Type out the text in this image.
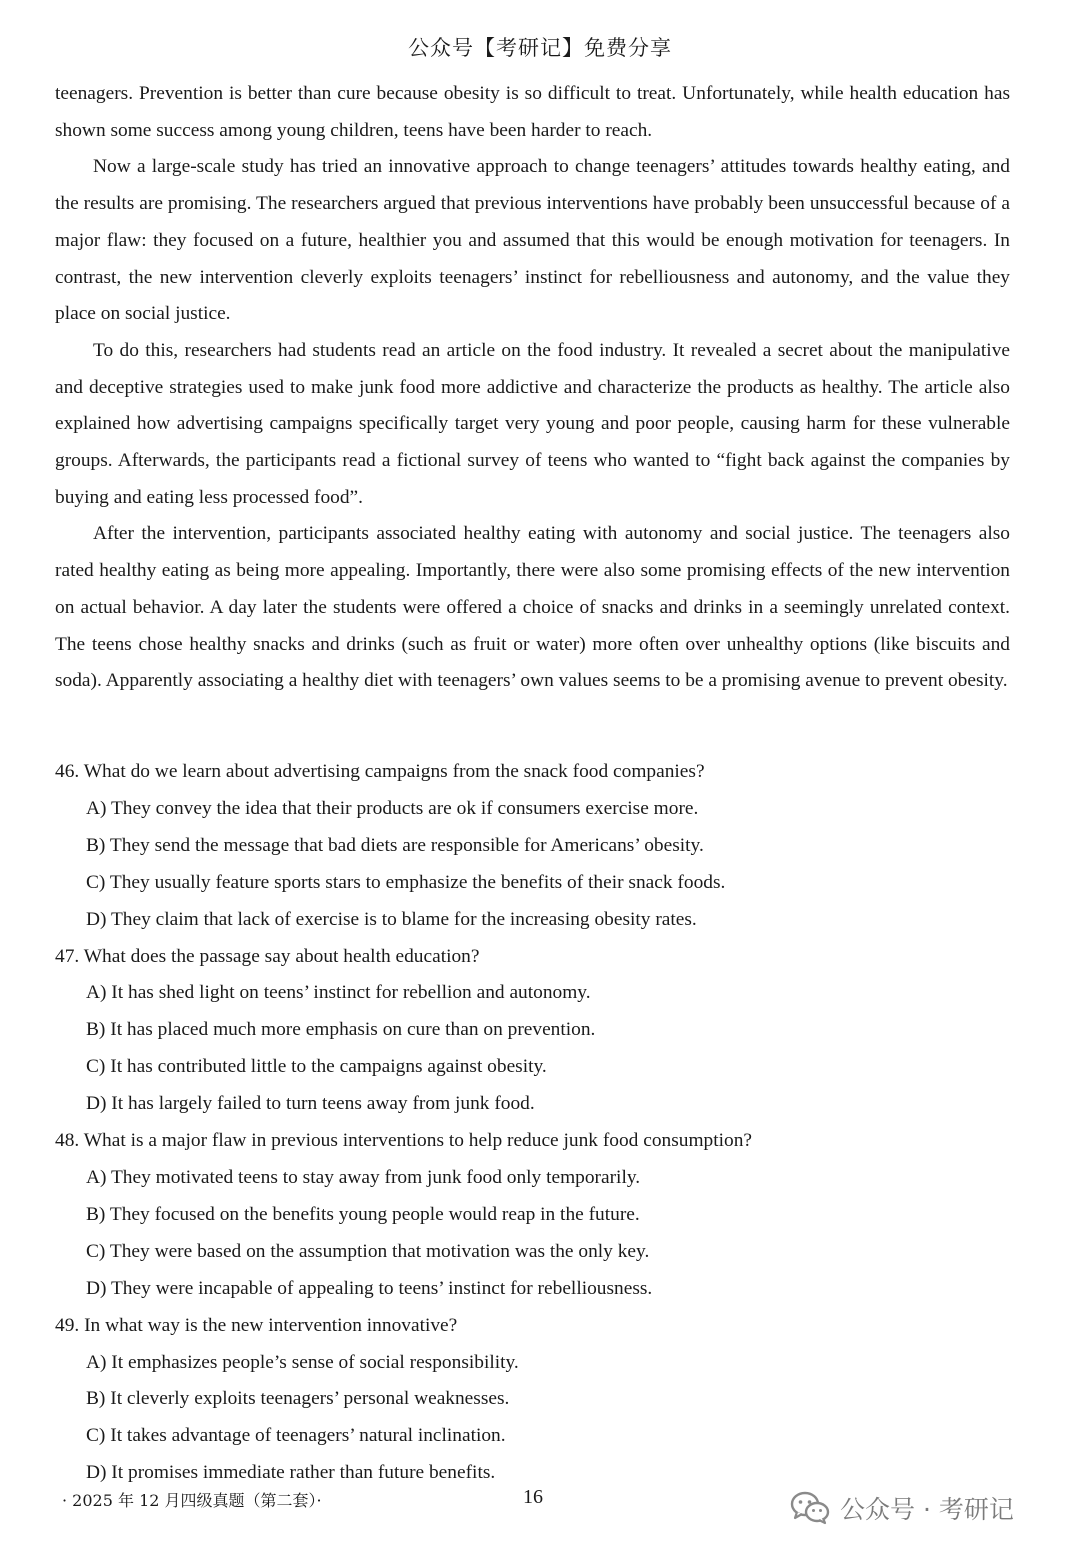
公众号【考研记】免费分享

teenagers. Prevention is better than cure because obesity is so difficult to treat. Unfortunately, while health education has shown some success among young children, teens have been harder to reach.

Now a large-scale study has tried an innovative approach to change teenagers’ attitudes towards healthy eating, and the results are promising. The researchers argued that previous interventions have probably been unsuccessful because of a major flaw: they focused on a future, healthier you and assumed that this would be enough motivation for teenagers. In contrast, the new intervention cleverly exploits teenagers’ instinct for rebelliousness and autonomy, and the value they place on social justice.

To do this, researchers had students read an article on the food industry. It revealed a secret about the manipulative and deceptive strategies used to make junk food more addictive and characterize the products as healthy. The article also explained how advertising campaigns specifically target very young and poor people, causing harm for these vulnerable groups. Afterwards, the participants read a fictional survey of teens who wanted to “fight back against the companies by buying and eating less processed food”.

After the intervention, participants associated healthy eating with autonomy and social justice. The teenagers also rated healthy eating as being more appealing. Importantly, there were also some promising effects of the new intervention on actual behavior. A day later the students were offered a choice of snacks and drinks in a seemingly unrelated context. The teens chose healthy snacks and drinks (such as fruit or water) more often over unhealthy options (like biscuits and soda). Apparently associating a healthy diet with teenagers’ own values seems to be a promising avenue to prevent obesity.

46. What do we learn about advertising campaigns from the snack food companies?

A) They convey the idea that their products are ok if consumers exercise more.

B) They send the message that bad diets are responsible for Americans’ obesity.

C) They usually feature sports stars to emphasize the benefits of their snack foods.

D) They claim that lack of exercise is to blame for the increasing obesity rates.

47. What does the passage say about health education?

A) It has shed light on teens’ instinct for rebellion and autonomy.

B) It has placed much more emphasis on cure than on prevention.

C) It has contributed little to the campaigns against obesity.

D) It has largely failed to turn teens away from junk food.

48. What is a major flaw in previous interventions to help reduce junk food consumption?

A) They motivated teens to stay away from junk food only temporarily.

B) They focused on the benefits young people would reap in the future.

C) They were based on the assumption that motivation was the only key.

D) They were incapable of appealing to teens’ instinct for rebelliousness.

49. In what way is the new intervention innovative?

A) It emphasizes people’s sense of social responsibility.

B) It cleverly exploits teenagers’ personal weaknesses.

C) It takes advantage of teenagers’ natural inclination.

D) It promises immediate rather than future benefits.

· 2025 年 12 月四级真题（第二套）·	16	公众号 · 考研记
